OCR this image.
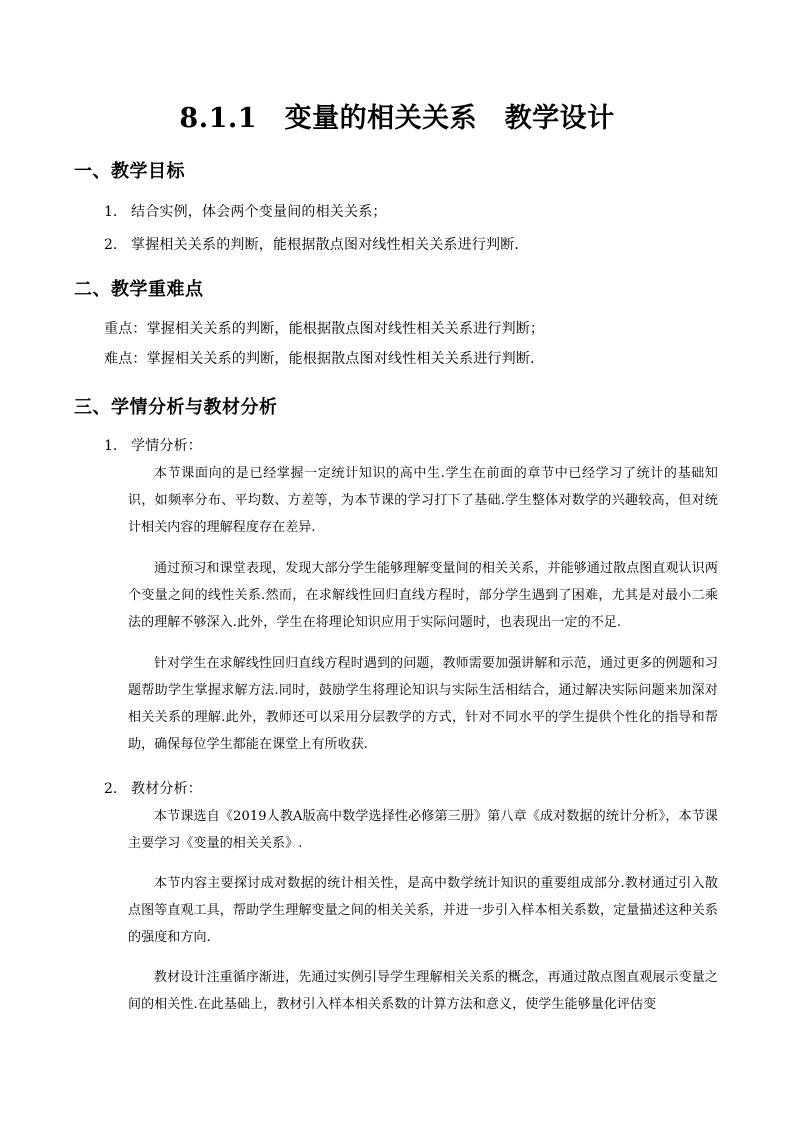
8.1.1　变量的相关关系　教学设计
一、教学目标
1. 结合实例，体会两个变量间的相关关系；
2. 掌握相关关系的判断，能根据散点图对线性相关关系进行判断.
二、教学重难点
重点：掌握相关关系的判断，能根据散点图对线性相关关系进行判断；
难点：掌握相关关系的判断，能根据散点图对线性相关关系进行判断.
三、学情分析与教材分析
1. 学情分析：
本节课面向的是已经掌握一定统计知识的高中生.学生在前面的章节中已经学习了统计的基础知识，如频率分布、平均数、方差等，为本节课的学习打下了基础.学生整体对数学的兴趣较高，但对统计相关内容的理解程度存在差异.
通过预习和课堂表现，发现大部分学生能够理解变量间的相关关系，并能够通过散点图直观认识两个变量之间的线性关系.然而，在求解线性回归直线方程时，部分学生遇到了困难，尤其是对最小二乘法的理解不够深入.此外，学生在将理论知识应用于实际问题时，也表现出一定的不足.
针对学生在求解线性回归直线方程时遇到的问题，教师需要加强讲解和示范，通过更多的例题和习题帮助学生掌握求解方法.同时，鼓励学生将理论知识与实际生活相结合，通过解决实际问题来加深对相关关系的理解.此外，教师还可以采用分层教学的方式，针对不同水平的学生提供个性化的指导和帮助，确保每位学生都能在课堂上有所收获.
2. 教材分析：
本节课选自《2019人教A版高中数学选择性必修第三册》第八章《成对数据的统计分析》，本节课主要学习《变量的相关关系》.
本节内容主要探讨成对数据的统计相关性，是高中数学统计知识的重要组成部分.教材通过引入散点图等直观工具，帮助学生理解变量之间的相关关系，并进一步引入样本相关系数，定量描述这种关系的强度和方向.
教材设计注重循序渐进，先通过实例引导学生理解相关关系的概念，再通过散点图直观展示变量之间的相关性.在此基础上，教材引入样本相关系数的计算方法和意义，使学生能够量化评估变
